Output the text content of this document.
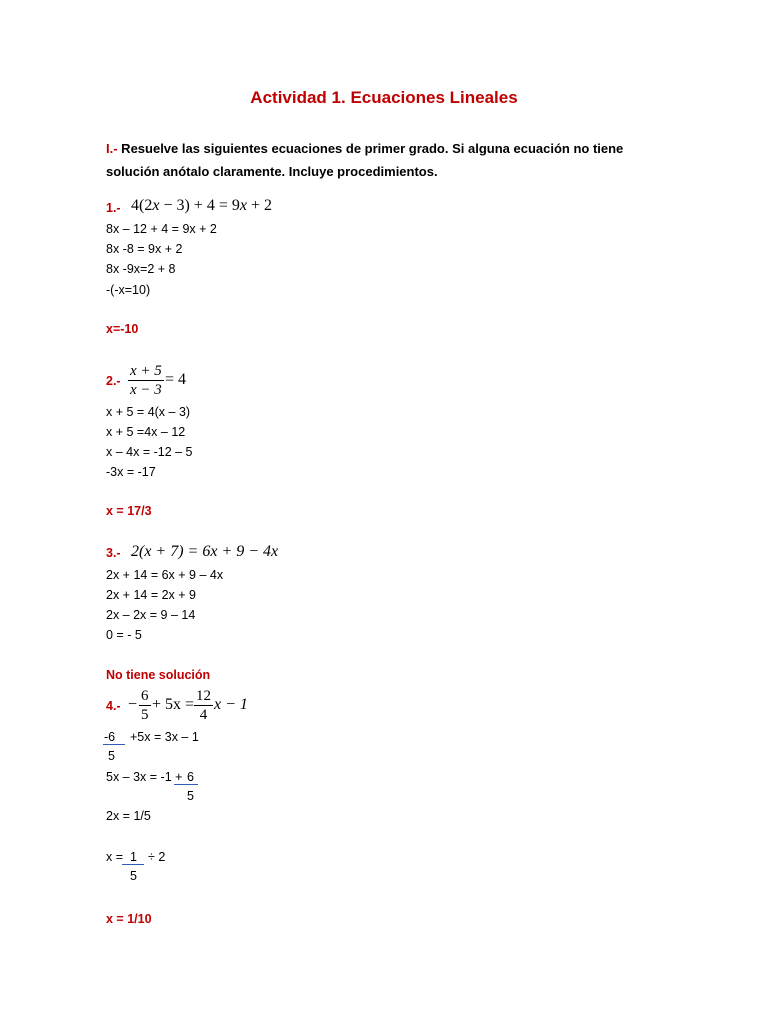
Actividad 1. Ecuaciones Lineales
I.- Resuelve las siguientes ecuaciones de primer grado. Si alguna ecuación no tiene
solución anótalo claramente. Incluye procedimientos.
1.- 4(2x − 3) + 4 = 9x + 2
8x – 12 + 4 = 9x + 2
8x -8 = 9x + 2
8x -9x=2 + 8
-(-x=10)
x=-10
$2.- \frac{x + 5}{x - 3} = 4$
x + 5 = 4(x – 3)
x + 5 =4x – 12
x – 4x = -12 – 5
-3x = -17
x = 17/3
3.- 2(x + 7) = 6x + 9 − 4x
2x + 14 = 6x + 9 – 4x
2x + 14 = 2x + 9
2x – 2x = 9 – 14
0 = - 5
No tiene solución
$4.- - \frac{6}{5} + 5x = \frac{12}{4}$ x − 1
-6 +5x = 3x – 1
5
5x – 3x = -1 + 6
5
2x = 1/5
x = 1 ÷ 2
5
x = 1/10
